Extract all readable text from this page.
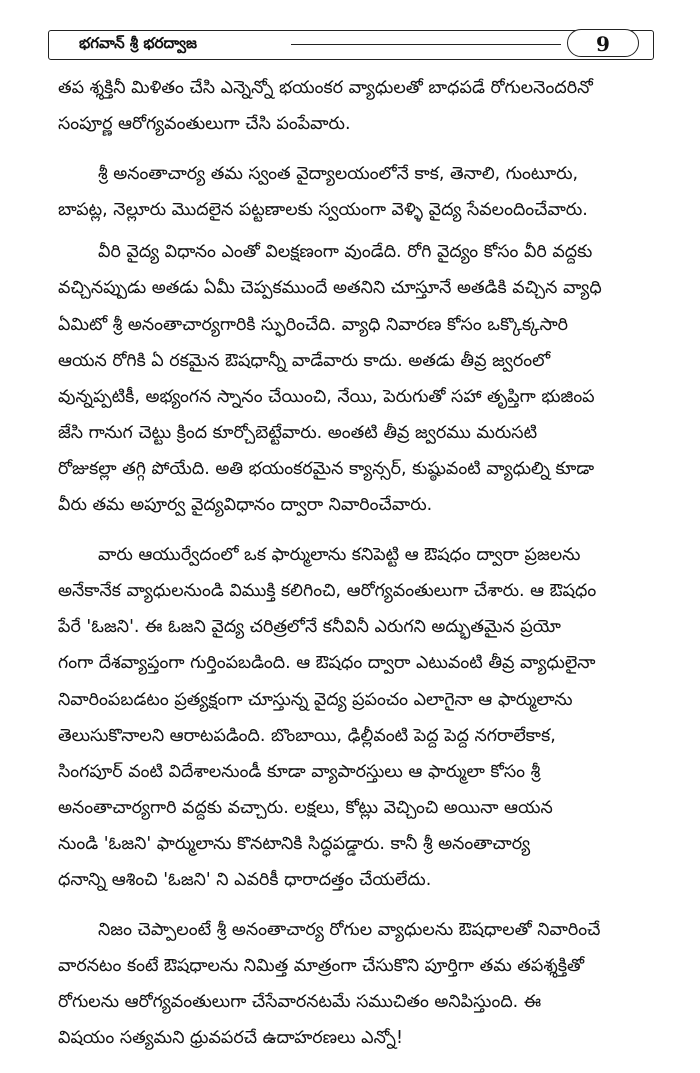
భగవాన్ శ్రీ భరద్వాజ	9
తప శ్శక్తినీ మిళితం చేసి ఎన్నెన్నో భయంకర వ్యాధులతో బాధపడే రోగులనెందరినో
సంపూర్ణ ఆరోగ్యవంతులుగా చేసి పంపేవారు.
శ్రీ అనంతాచార్య తమ స్వంత వైద్యాలయంలోనే కాక, తెనాలి, గుంటూరు,
బాపట్ల, నెల్లూరు మొదలైన పట్టణాలకు స్వయంగా వెళ్ళి వైద్య సేవలందించేవారు.
వీరి వైద్య విధానం ఎంతో విలక్షణంగా వుండేది. రోగి వైద్యం కోసం వీరి వద్దకు
వచ్చినప్పుడు అతడు ఏమీ చెప్పకముందే అతనిని చూస్తూనే అతడికి వచ్చిన వ్యాధి
ఏమిటో శ్రీ అనంతాచార్యగారికి స్ఫురించేది. వ్యాధి నివారణ కోసం ఒక్కొక్కసారి
ఆయన రోగికి ఏ రకమైన ఔషధాన్నీ వాడేవారు కాదు. అతడు తీవ్ర జ్వరంలో
వున్నప్పటికీ, అభ్యంగన స్నానం చేయించి, నేయి, పెరుగుతో సహా తృప్తిగా భుజింప
జేసి గానుగ చెట్టు క్రింద కూర్చోబెట్టేవారు. అంతటి తీవ్ర జ్వరము మరుసటి
రోజుకల్లా తగ్గి పోయేది. అతి భయంకరమైన క్యాన్సర్, కుష్ఠువంటి వ్యాధుల్ని కూడా
వీరు తమ అపూర్వ వైద్యవిధానం ద్వారా నివారించేవారు.
వారు ఆయుర్వేదంలో ఒక ఫార్ములాను కనిపెట్టి ఆ ఔషధం ద్వారా ప్రజలను
అనేకానేక వ్యాధులనుండి విముక్తి కలిగించి, ఆరోగ్యవంతులుగా చేశారు. ఆ ఔషధం
పేరే 'ఓజని'. ఈ ఓజని వైద్య చరిత్రలోనే కనీవినీ ఎరుగని అద్భుతమైన ప్రయో
గంగా దేశవ్యాప్తంగా గుర్తింపబడింది. ఆ ఔషధం ద్వారా ఎటువంటి తీవ్ర వ్యాధులైనా
నివారింపబడటం ప్రత్యక్షంగా చూస్తున్న వైద్య ప్రపంచం ఎలాగైనా ఆ ఫార్ములాను
తెలుసుకొనాలని ఆరాటపడింది. బొంబాయి, ఢిల్లీవంటి పెద్ద పెద్ద నగరాలేకాక,
సింగపూర్ వంటి విదేశాలనుండీ కూడా వ్యాపారస్తులు ఆ ఫార్ములా కోసం శ్రీ
అనంతాచార్యగారి వద్దకు వచ్చారు. లక్షలు, కోట్లు వెచ్చించి అయినా ఆయన
నుండి 'ఓజని' ఫార్ములాను కొనటానికి సిద్ధపడ్డారు. కానీ శ్రీ అనంతాచార్య
ధనాన్ని ఆశించి 'ఓజని' ని ఎవరికీ ధారాదత్తం చేయలేదు.
నిజం చెప్పాలంటే శ్రీ అనంతాచార్య రోగుల వ్యాధులను ఔషధాలతో నివారించే
వారనటం కంటే ఔషధాలను నిమిత్త మాత్రంగా చేసుకొని పూర్తిగా తమ తపశ్శక్తితో
రోగులను ఆరోగ్యవంతులుగా చేసేవారనటమే సముచితం అనిపిస్తుంది. ఈ
విషయం సత్యమని ధ్రువపరచే ఉదాహరణలు ఎన్నో!
